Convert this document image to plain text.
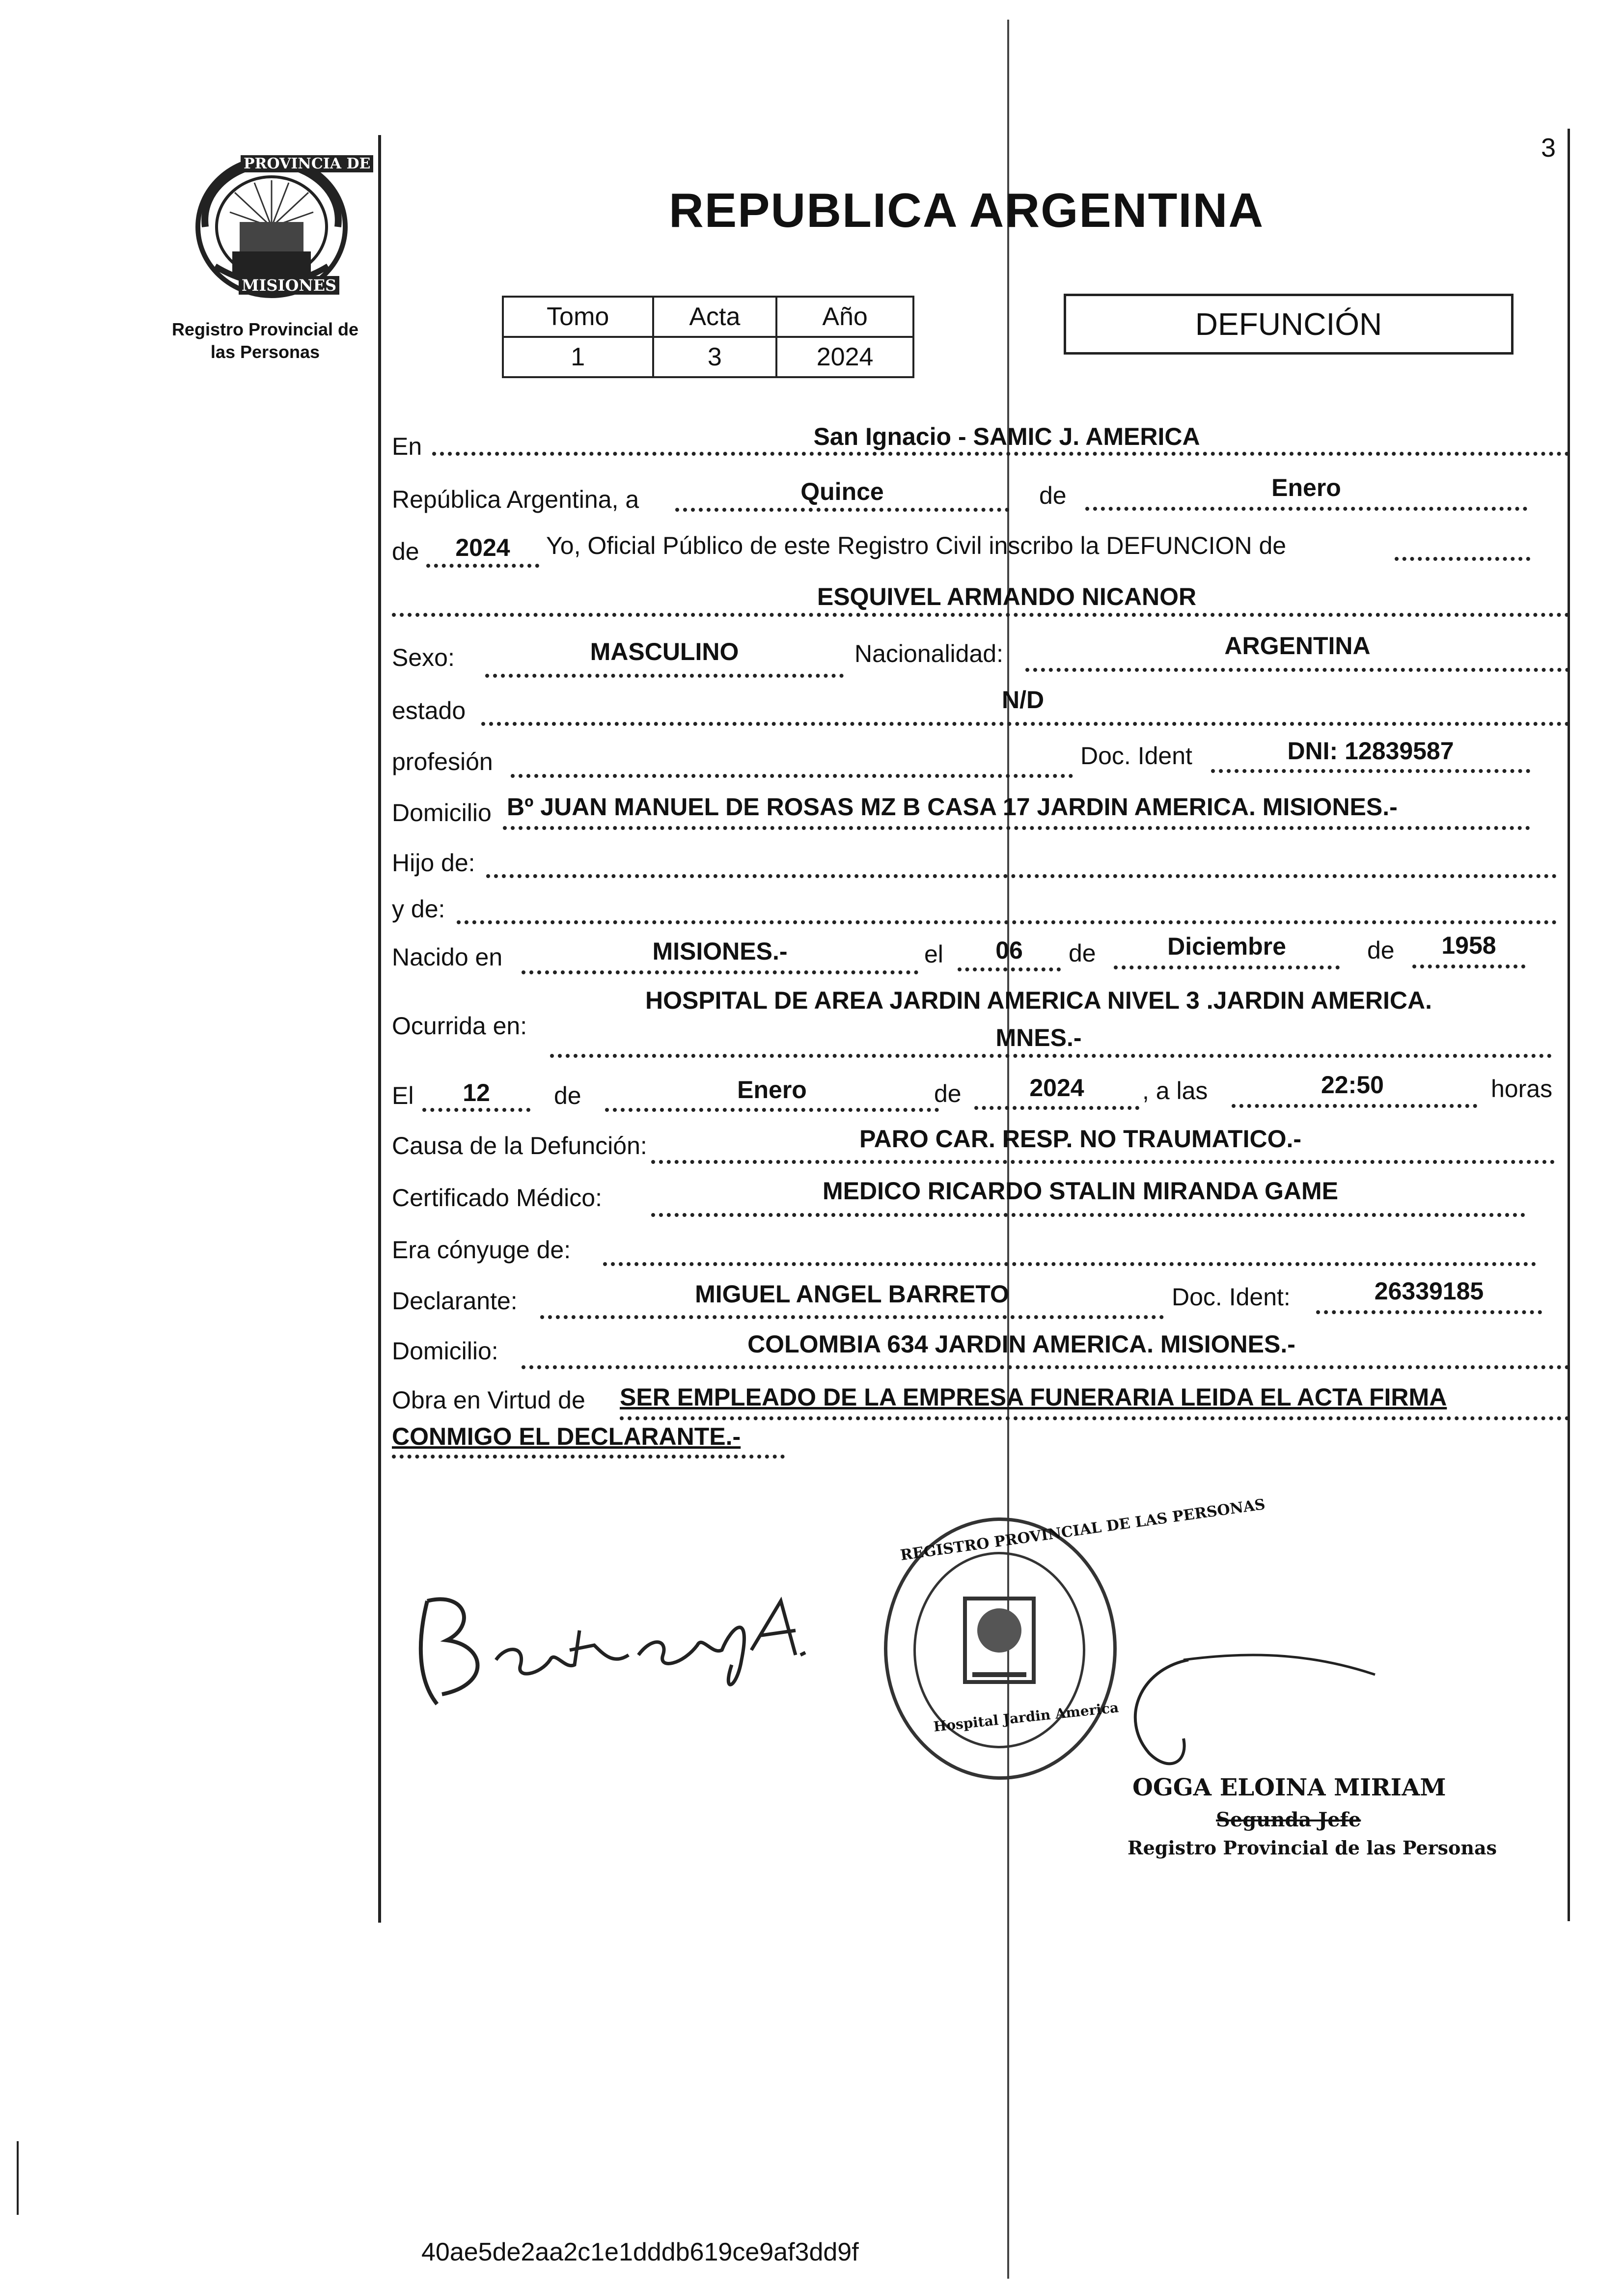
3
PROVINCIA DE
MISIONES
Registro Provincial de
las Personas
REPUBLICA ARGENTINA
Tomo	Acta	Año
1	3	2024
DEFUNCIÓN
En	San Ignacio - SAMIC J. AMERICA
República Argentina, a	Quince	de	Enero
de	2024	Yo, Oficial Público de este Registro Civil inscribo la DEFUNCION de
ESQUIVEL ARMANDO NICANOR
Sexo:	MASCULINO	Nacionalidad:	ARGENTINA
estado	N/D
profesión	Doc. Ident	DNI: 12839587
Domicilio Bº JUAN MANUEL DE ROSAS MZ B CASA 17 JARDIN AMERICA. MISIONES.-
Hijo de:
y de:
Nacido en	MISIONES.-	el	06	de	Diciembre	de	1958
Ocurrida en:
HOSPITAL DE AREA JARDIN AMERICA NIVEL 3 .JARDIN AMERICA.
MNES.-
El	12	de	Enero	de	2024	, a las	22:50	horas
Causa de la Defunción:	PARO CAR. RESP. NO TRAUMATICO.-
Certificado Médico:	MEDICO RICARDO STALIN MIRANDA GAME
Era cónyuge de:
Declarante:	MIGUEL ANGEL BARRETO	Doc. Ident:	26339185
Domicilio:	COLOMBIA 634 JARDIN AMERICA. MISIONES.-
Obra en Virtud de SER EMPLEADO DE LA EMPRESA FUNERARIA LEIDA EL ACTA FIRMA
CONMIGO EL DECLARANTE.-
REGISTRO PROVINCIAL DE LAS PERSONAS
Hospital Jardin America
OGGA ELOINA MIRIAM
Segunda Jefe
Registro Provincial de las Personas
40ae5de2aa2c1e1dddb619ce9af3dd9f
